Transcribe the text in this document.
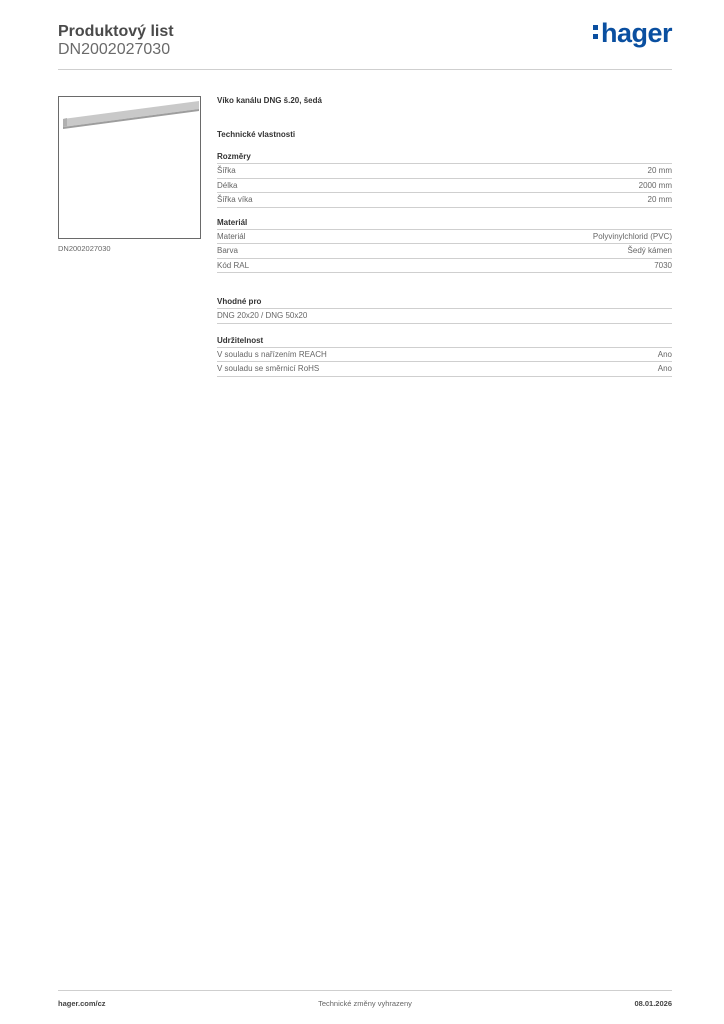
Produktový list
DN2002027030
hager
DN2002027030
Víko kanálu DNG š.20, šedá
Technické vlastnosti
Rozměry
Šířka	20 mm
Délka	2000 mm
Šířka víka	20 mm
Materiál
Materiál	Polyvinylchlorid (PVC)
Barva	Šedý kámen
Kód RAL	7030
Vhodné pro
DNG 20x20 / DNG 50x20
Udržitelnost
V souladu s nařízením REACH	Ano
V souladu se směrnicí RoHS	Ano
hager.com/cz	Technické změny vyhrazeny	08.01.2026
